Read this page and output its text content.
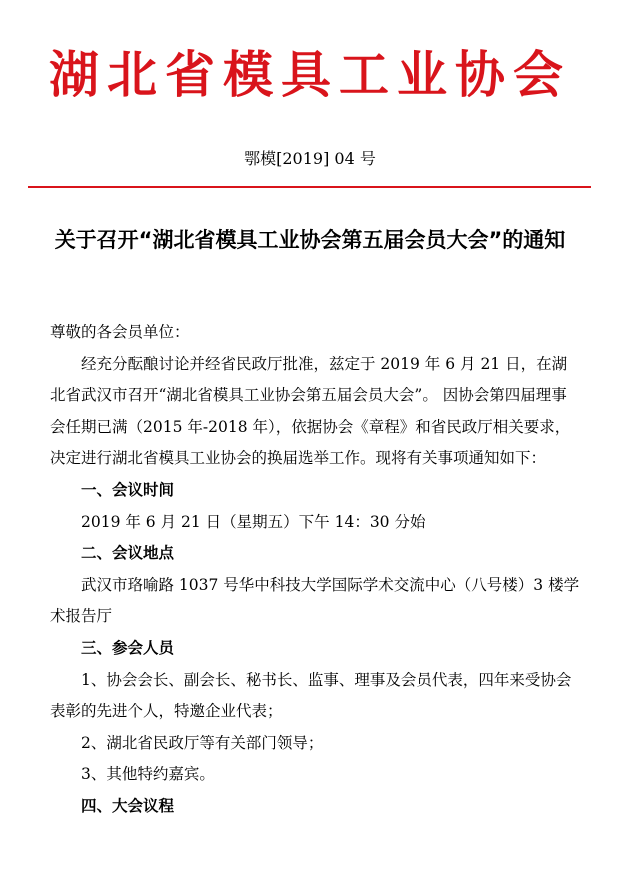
湖北省模具工业协会
鄂模[2019] 04 号
关于召开“湖北省模具工业协会第五届会员大会”的通知

尊敬的各会员单位：

经充分酝酿讨论并经省民政厅批准，兹定于 2019 年 6 月 21 日，在湖北省武汉市召开“湖北省模具工业协会第五届会员大会”。 因协会第四届理事会任期已满（2015 年-2018 年），依据协会《章程》和省民政厅相关要求，决定进行湖北省模具工业协会的换届选举工作。现将有关事项通知如下：

一、会议时间

2019 年 6 月 21 日（星期五）下午 14：30 分始

二、会议地点

武汉市珞喻路 1037 号华中科技大学国际学术交流中心（八号楼）3 楼学术报告厅

三、参会人员

1、协会会长、副会长、秘书长、监事、理事及会员代表，四年来受协会表彰的先进个人，特邀企业代表；

2、湖北省民政厅等有关部门领导；

3、其他特约嘉宾。

四、大会议程
